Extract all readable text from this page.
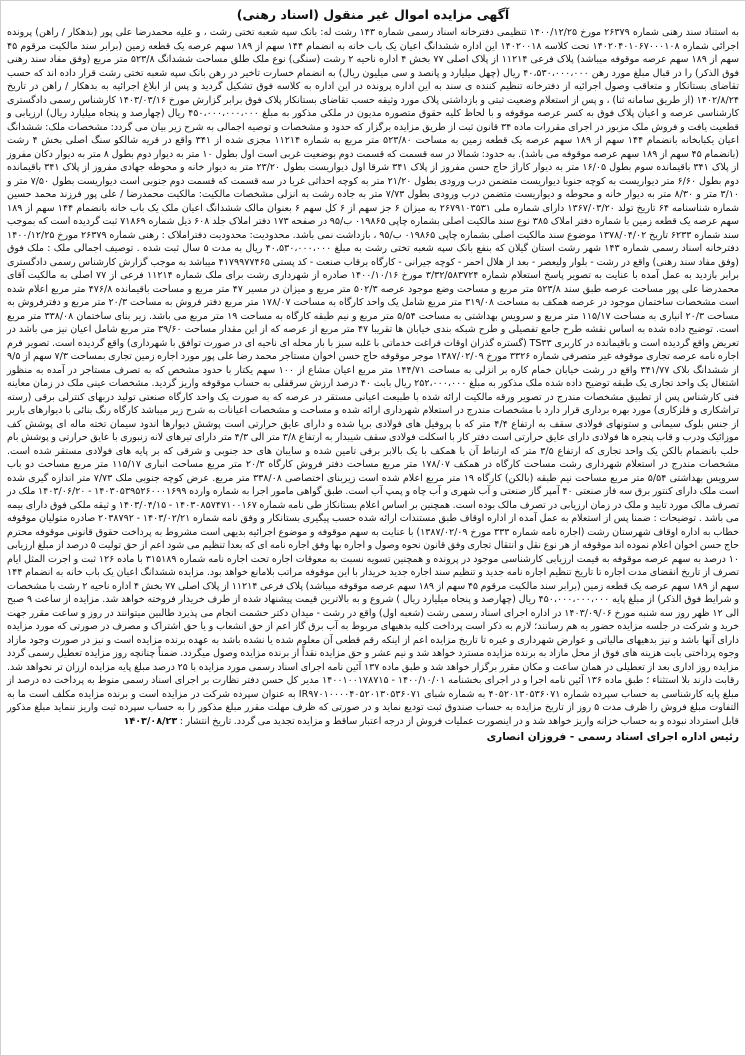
آگهی مزایده اموال غیر منقول (اسناد رهنی)

به استناد سند رهنی شماره ۲۶۳۷۹ مورخ ۱۴۰۰/۱۲/۲۵ تنظیمی دفترخانه اسناد رسمی شماره ۱۴۳ رشت له: بانک سپه شعبه تختی رشت ، و علیه محمدرضا علی پور (بدهکار / راهن) پرونده اجرائی شماره ۱۴۰۲۰۴۰۱۰۶۷۰۰۰۱۰۸ تحت کلاسه ۱۴۰۲۰۰۱۸ این اداره ششدانگ اعیان یک باب خانه به انضمام ۱۴۴ سهم از ۱۸۹ سهم عرصه یک قطعه زمین (برابر سند مالکیت مرقوم ۴۵ سهم از ۱۸۹ سهم عرصه موقوفه میباشد) پلاک فرعی ۱۱۲۱۴ از پلاک اصلی ۷۷ بخش ۴ اداره ناحیه ۲ رشت (سنگی) نوع ملک طلق مساحت ششدانگ ۵۲۳/۸ متر مربع (وفق مفاد سند رهنی فوق الذکر) را در قبال مبلغ مورد رهن ۴۰،۵۳۰،۰۰۰،۰۰۰ ریال (چهل میلیارد و پانصد و سی میلیون ریال) به انضمام خسارت تاخیر در رهن بانک سپه شعبه تختی رشت قرار داده اند که حسب تقاضای بستانکار و متعاقب وصول اجرائیه از دفترخانه تنظیم کننده ی سند به این اداره پرونده در این اداره به کلاسه فوق تشکیل گردید و پس از ابلاغ اجرائیه به بدهکار / راهن در تاریخ ۱۴۰۲/۸/۲۴ (از طریق سامانه ثنا) ، و پس از استعلام وضعیت ثبتی و بازداشتی پلاک مورد وثیقه حسب تقاضای بستانکار پلاک فوق برابر گزارش مورخ ۱۴۰۳/۰۳/۱۶ کارشناس رسمی دادگستری کارشناسی عرصه و اعیان پلاک فوق به کسر عرصه موقوفه و با لحاظ کلیه حقوق متصوره مدیون در ملکی مذکور به مبلغ ۴۵۰،۰۰۰،۰۰۰،۰۰۰ ریال (چهارصد و پنجاه میلیارد ریال) ارزیابی و قطعیت یافت و فروش ملک مزبور در اجرای مقررات ماده ۳۴ قانون ثبت از طریق مزایده برگزار که حدود و مشخصات و توصیه اجمالی به شرح زیر بیان می گردد: مشخصات ملک: ششدانگ اعیان یکبابخانه بانضمام ۱۴۴ سهم از ۱۸۹ سهم عرصه یک قطعه زمین به مساحت ۵۲۳/۸۰ متر مربع به شماره ۱۱۲۱۴ مجزی شده از ۳۴۱ واقع در قریه شالکو سنگ اصلی بخش ۴ رشت (بانضمام ۴۵ سهم از ۱۸۹ سهم عرصه موقوفه می باشد). به حدود: شمالا در سه قسمت که قسمت دوم بوضعیت غربی است اول بطول ۱۰ متر به دیوار دوم بطول ۸ متر به دیوار دکان مفروز از پلاک ۳۴۱ باقیمانده سوم بطول ۱۶/۰۵ متر به دیوار کاراژ حاج حسن مفروز از پلاک ۳۴۱ شرقا اول دیواریست بطول ۲۳/۲۰ متر به دیوار خانه و محوطه جهادی مفروز از پلاک ۳۴۱ باقیمانده دوم بطول ۶/۶۰ متر دیواریست به کوچه جنوبا دیواریست متضمن درب ورودی بطول ۲۱/۲۰ متر به کوچه احداثی غربا در سه قسمت که قسمت دوم جنوبی است دیواریست بطول ۷/۵۰ متر و ۳/۱۰ متر و ۸/۳۰ متر به دیوار خانه و محوطه و دیواریست متضمن درب ورودی بطول ۷/۷۳ متر به جاده رشت به انزلی مشخصات مالکیت: مالکیت محمدرضا / علی پور فرزند محمد حسین شماره شناسنامه ۶۴ تاریخ تولد ۱۳۶۷/۰۳/۲۰ دارای شماره ملی ۲۶۷۹۱۰۳۵۳۱ به میزان ۶ جز سهم از ۶ کل سهم ۶ بعنوان مالک ششدانگ اعیان ملک یک باب خانه بانضمام ۱۴۴ سهم از ۱۸۹ سهم عرصه یک قطعه زمین با شماره دفتر املاک ۳۸۵ نوع سند مالکیت اصلی بشماره چاپی ۰۱۹۸۶۵ ب/۹۵ در صفحه ۱۷۳ دفتر املاک جلد ۶۰۸ ذیل شماره ۷۱۸۶۹ ثبت گردیده است که بموجب سند شماره ۶۲۳۳ تاریخ ۱۳۷۸/۰۴/۰۲ موضوع سند مالکیت اصلی بشماره چاپی ۰۱۹۸۶۵ ب/۹۵ ، بازداشت نمی باشد. محدودیت: محدودیت دفتراملاک : رهنی شماره ۲۶۳۷۹ مورخ ۱۴۰۰/۱۲/۲۵ دفترخانه اسناد رسمی شماره ۱۴۳ شهر رشت استان گیلان که بنفع بانک سپه شعبه تختی رشت به مبلغ ۴۰،۵۳۰،۰۰۰،۰۰۰ ریال به مدت ۵ سال ثبت شده . توصیف اجمالی ملک : ملک فوق (وفق مفاد سند رهنی) واقع در رشت - بلوار ولیعصر - بعد از هلال احمر - کوچه جیرانی - کارگاه برقاب صنعت - کد پستی ۴۱۷۹۹۷۷۴۶۵ میباشد به موجب گزارش کارشناس رسمی دادگستری برابر بازدید به عمل آمده با عنایت به تصویر پاسخ استعلام شماره ۳/۳۲/۵۸۳۷۲۴ مورخ ۱۴۰۰/۱۰/۱۶ صادره از شهرداری رشت برای ملک شماره ۱۱۲۱۴ فرعی از ۷۷ اصلی به مالکیت آقای محمدرضا علی پور مساحت عرصه طبق سند ۵۲۳/۸ متر مربع و مساحت وضع موجود عرصه ۵۰۲/۳ متر مربع و میزان در مسیر ۴۷ متر مربع و مساحت باقیمانده ۴۷۶/۸ متر مربع اعلام شده است مشخصات ساختمان موجود در عرصه همکف به مساحت ۳۱۹/۰۸ متر مربع شامل یک واحد کارگاه به مساحت ۱۷۸/۰۷ متر مربع دفتر فروش به مساحت ۲۰/۳ متر مربع و دفترفروش به مساحت ۲۰/۳ انباری به مساحت ۱۱۵/۱۷ متر مربع و سرویس بهداشتی به مساحت ۵/۵۴ متر مربع و نیم طبقه کارگاه به مساحت ۱۹ متر مربع می باشد. زیر بنای ساختمان ۳۳۸/۰۸ متر مربع است. توضیح داده شده به اساس نقشه طرح جامع تفصیلی و طرح شبکه بندی خیابان ها تقریبا ۴۷ متر مربع از عرصه که از این مقدار مساحت ۳۹/۶۰ متر مربع شامل اعیان نیز می باشد در تعریض واقع گردیده است و باقیمانده در کاربری TS۳۳ (گستره گذران اوقات فراغت خدماتی با غلبه سبز با بار محله ای ناحیه ای در صورت توافق با شهرداری) واقع گردیده است. تصویر فرم اجاره نامه عرصه تجاری موقوفه غیر متصرفی شماره ۳۳۲۶ مورخ ۱۳۸۷/۰۲/۰۹ موجر موقوفه حاج حسن اخوان مستاجر محمد رضا علی پور مورد اجاره زمین تجاری بمساحت ۷/۳ سهم از ۹/۵ از ششدانگ بلاک ۳۴۱/۷۷ واقع در رشت خیابان خمام کاره بر انزلی به مساحت ۱۴۴/۷۱ متر مربع اعیان مشاع از ۱۰۰ سهم یکتار با حدود مشخص که به تصرف مستاجر در آمده به منظور اشتغال یک واحد تجاری یک طبقه توضیح داده شده ملک مذکور به مبلغ ۲۵۲،۰۰۰،۰۰۰ ریال بابت ۴۰ درصد ارزش سرقفلی به حساب موقوفه واریز گردید. مشخصات عینی ملک در زمان معاینه فنی کارشناس پس از تطبیق مشخصات مندرج در تصویر ورقه مالکیت ارائه شده با طبیعت اعیانی مستقر در عرصه که به صورت یک واحد کارگاه صنعتی تولید دربهای کنترلی برقی (رسته تراشکاری و فلزکاری) مورد بهره برداری قرار دارد با مشخصات مندرج در استعلام شهرداری ارائه شده و مساحت و مشخصات اعیانات به شرح زیر میباشد کارگاه رنگ بنائی با دیوارهای باربر از جنس بلوک سیمانی و ستونهای فولادی سقف به ارتفاع ۴/۴ متر که با پروفیل های فولادی برپا شده و دارای عایق حرارتی است پوشش دیوارها اندود سیمان تخته ماله ای پوشش کف موزائیک ودرب و قاب پنجره ها فولادی دارای عایق حرارتی است دفتر کار با اسکلت فولادی سقف شیبدار به ارتفاع ۳/۸ متر الی ۴/۳ متر دارای تیرهای لانه زنبوری با عایق حرارتی و پوشش بام حلب بانضمام بالکن یک واحد تجاری که ارتفاع ۳/۵ متر که ارتباط آن با همکف با یک بالابر برقی تامین شده و سایبان های حد جنوبی و شرقی که بر پایه های فولادی مستقر شده است. مشخصات مندرج در استعلام شهرداری رشت مساحت کارگاه در همکف ۱۷۸/۰۷ متر مربع مساحت دفتر فروش کارگاه ۲۰/۳ متر مربع مساحت انباری ۱۱۵/۱۷ متر مربع مساحت دو باب سرویس بهداشتی ۵/۵۴ متر مربع مساحت نیم طبقه (بالکن) کارگاه ۱۹ متر مربع اعلام شده است زیربنای اختصاصی ۳۳۸/۰۸ متر مربع. عرض کوچه جنوبی ملک ۷/۷۳ متر اندازه گیری شده است ملک دارای کنتور برق سه فاز صنعتی ۴۰ آمپر گاز صنعتی و آب شهری و آب چاه و پمپ آب است. طبق گواهی مامور اجرا به شماره وارده ۱۴۰۳۰۵۳۹۵۲۶۰۰۰۱۶۹۹ - ۱۴۰۳/۰۶/۲۰ ملک در تصرف مالک مورد تایید و ملک در زمان ارزیابی در تصرف مالک بوده است. همچنین بر اساس اعلام بستانکاز طی نامه شماره ۱۴۰۳۰۸۵۷۴۷۱۰۰۱۶۷ - ۱۴۰۳/۰۴/۱۵ و ثیقه ملکی فوق دارای بیمه می باشد . توضیحات : ضمنا پس از استعلام به عمل آمده از اداره اوقاف طبق مستندات ارائه شده حسب پیگیری بستانکار و وفق نامه شماره ۱۴۰۳/۰۲/۲۱ - ۲۰۳۸۷۹۲ صادره متولیان موقوفه خطاب به اداره اوقاف شهرستان رشت (اجاره نامه شماره ۳۳۳ مورخ ۱۳۸۷/۰۲/۰۹) با عنایت به سهم موقوفه و موضوع اجرائیه بدیهی است مشروط به پرداخت حقوق قانونی موقوفه محترم حاج حسن اخوان اعلام نموده اند موقوفه از هر نوع نقل و انتقال تجاری وفق قانون نحوه وصول و اجاره بها وفق اجاره نامه ای که بعدا تنظیم می شود اعم از حق تولیت ۵ درصد از مبلغ ارزیابی ۱۰ درصد به سهم عرصه موقوفه به قیمت ارزیابی کارشناسی موجود در پرونده و همچنین تسویه نسبت به معوقات اجاره تحت اجاره نامه شماره ۳۱۵۱۸۹ با ماده ۱۲۶ ثبت و اجرت المثل ایام تصرف از تاریخ انقضای مدت اجاره تا تاریخ تنظیم اجاره نامه جدید و تنظیم سند اجاره جدید خریدار با این موقوفه مراتب بلامانع خواهد بود. مزایده ششدانگ اعیان یک باب خانه به انضمام ۱۴۴ سهم از ۱۸۹ سهم عرصه یک قطعه زمین (برابر سند مالکیت مرقوم ۴۵ سهم از ۱۸۹ سهم عرصه موقوفه میباشد) پلاک فرعی ۱۱۲۱۴ از پلاک اصلی ۷۷ بخش ۴ اداره ناحیه ۲ رشت با مشخصات و شرایط فوق الذکر) از مبلغ پایه ۴۵۰،۰۰۰،۰۰۰،۰۰۰ ریال (چهارصد و پنجاه میلیارد ریال ) شروع و به بالاترین قیمت پیشنهاد شده از طرف خریدار فروخته خواهد شد. مزایده از ساعت ۹ صبح الی ۱۲ ظهر روز سه شنبه مورخ ۱۴۰۳/۰۹/۰۶ در اداره اجرای اسناد رسمی رشت (شعبه اول) واقع در رشت - میدان دکتر حشمت انجام می پذیرد طالبین میتوانند در روز و ساعت مقرر جهت خرید و شرکت در جلسه مزایده حضور به هم رسانند؛ لازم به ذکر است پرداخت کلیه بدهیهای مربوط به آب برق گاز اعم از حق انشعاب و یا حق اشتراک و مصرف در صورتی که مورد مزایده دارای آنها باشد و نیز بدهیهای مالیاتی و عوارض شهرداری و غیره تا تاریخ مزایده اعم از اینکه رقم قطعی آن معلوم شده یا نشده باشد به عهده برنده مزایده است و نیز در صورت وجود مازاد وجوه پرداختی بابت هزینه های فوق از محل مازاد به برنده مزایده مسترد خواهد شد و نیم عشر و حق مزایده نقداً از برنده مزایده وصول میگردد. ضمناً چنانچه روز مزایده تعطیل رسمی گردد مزایده روز اداری بعد از تعطیلی در همان ساعت و مکان مقرر برگزار خواهد شد و طبق ماده ۱۳۷ آئین نامه اجرای اسناد رسمی مورد مزایده با ۲۵ درصد مبلغ پایه مزایده ارزان تر نخواهد شد. رقابت دارند بلا استثناء ؛ طبق ماده ۱۳۶ آئین نامه اجرا و در اجرای بخشنامه ۱۴۰۰/۱۰/۰۱ - ۱۴۰۰۱۰۰۱۷۸۷۱۵ مدیر کل حسن دفتر نظارت بر اجرای اسناد رسمی منوط به پرداخت ده درصد از مبلغ پایه کارشناسی به حساب سپرده شماره ۴۰۵۲۰۱۳۰۵۳۶۰۷۱ به شماره شبای IR۹۷۰۱۰۰۰۰۴۰۵۲۰۱۳۰۵۳۶۰۷۱ به عنوان سپرده شرکت در مزایده است و برنده مزایده مکلف است ما به التفاوت مبلغ فروش را ظرف مدت ۵ روز از تاریخ مزایده به حساب صندوق ثبت تودیع نماید و در صورتی که ظرف مهلت مقرر مبلغ مذکور را به حساب سپرده ثبت واریز ننماید مبلغ مذکور قابل استرداد نبوده و به حساب خزانه واریز خواهد شد و در اینصورت عملیات فروش از درجه اعتبار ساقط و مزایده تجدید می گردد. تاریخ انتشار : ۱۴۰۳/۰۸/۲۳

رئیس اداره اجرای اسناد رسمی - فروزان انصاری
